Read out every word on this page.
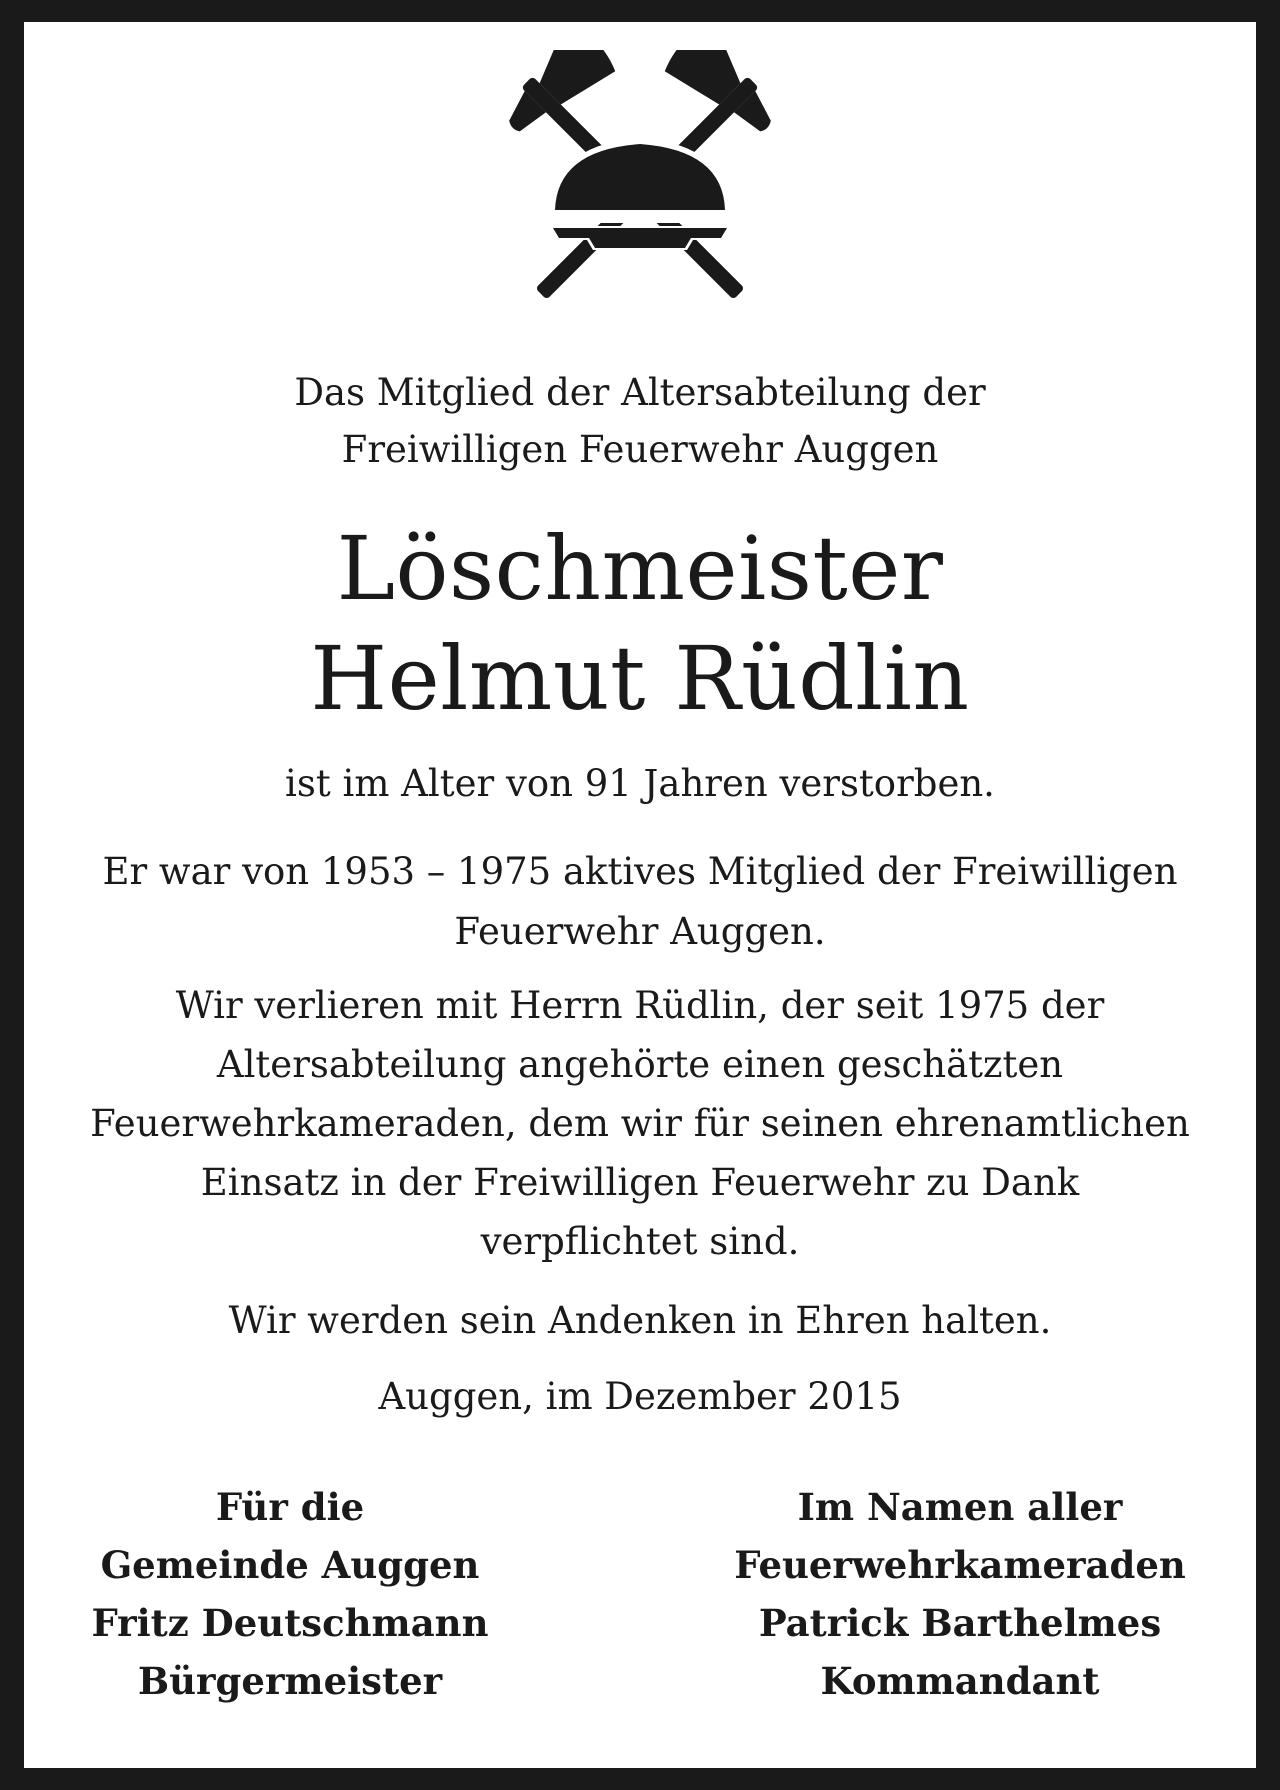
Das Mitglied der Altersabteilung der
Freiwilligen Feuerwehr Auggen
Löschmeister
Helmut Rüdlin
ist im Alter von 91 Jahren verstorben.
Er war von 1953 – 1975 aktives Mitglied der Freiwilligen
Feuerwehr Auggen.
Wir verlieren mit Herrn Rüdlin, der seit 1975 der
Altersabteilung angehörte einen geschätzten
Feuerwehrkameraden, dem wir für seinen ehrenamtlichen
Einsatz in der Freiwilligen Feuerwehr zu Dank
verpflichtet sind.
Wir werden sein Andenken in Ehren halten.
Auggen, im Dezember 2015
Für die
Gemeinde Auggen
Fritz Deutschmann
Bürgermeister
Im Namen aller
Feuerwehrkameraden
Patrick Barthelmes
Kommandant
